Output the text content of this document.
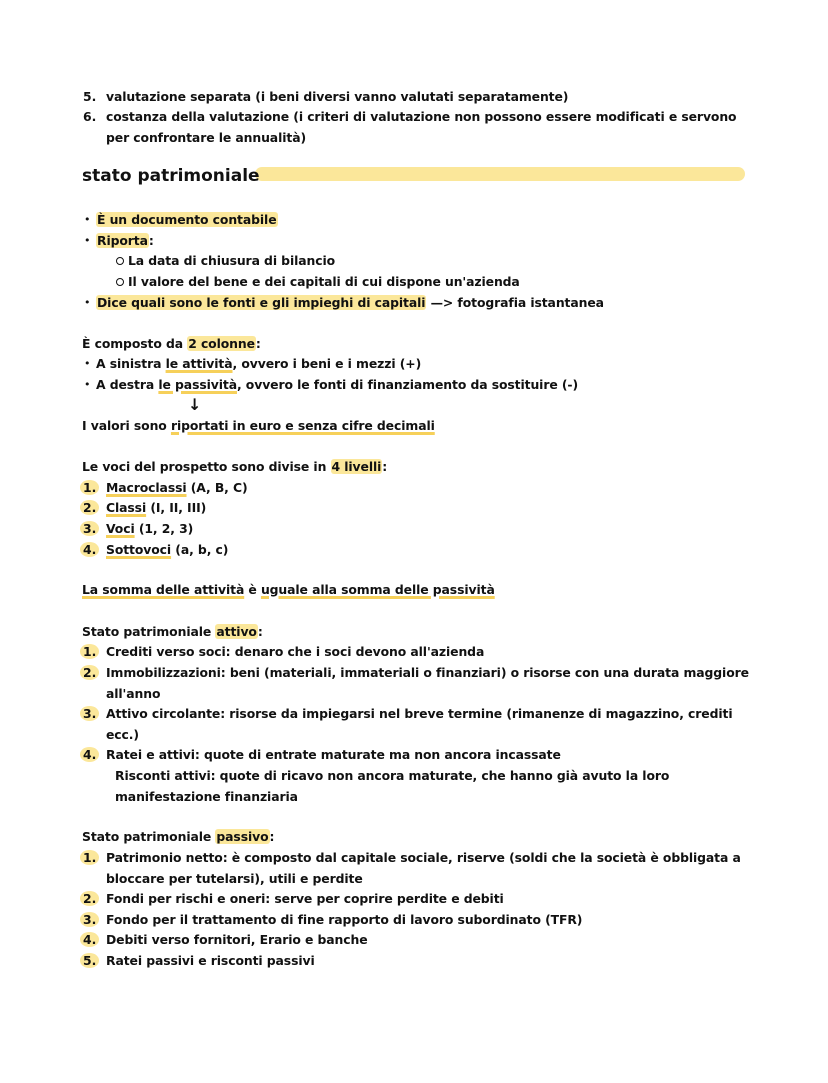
5. valutazione separata (i beni diversi vanno valutati separatamente)
6. costanza della valutazione (i criteri di valutazione non possono essere modificati e servono
per confrontare le annualità)
stato patrimoniale
• È un documento contabile
• Riporta:
La data di chiusura di bilancio
Il valore del bene e dei capitali di cui dispone un'azienda
• Dice quali sono le fonti e gli impieghi di capitali —> fotografia istantanea
È composto da 2 colonne:
• A sinistra le attività, ovvero i beni e i mezzi (+)
• A destra le passività, ovvero le fonti di finanziamento da sostituire (-)
↓
I valori sono riportati in euro e senza cifre decimali
Le voci del prospetto sono divise in 4 livelli:
1. Macroclassi (A, B, C)
2. Classi (I, II, III)
3. Voci (1, 2, 3)
4. Sottovoci (a, b, c)
La somma delle attività è uguale alla somma delle passività
Stato patrimoniale attivo:
1. Crediti verso soci: denaro che i soci devono all'azienda
2. Immobilizzazioni: beni (materiali, immateriali o finanziari) o risorse con una durata maggiore
all'anno
3. Attivo circolante: risorse da impiegarsi nel breve termine (rimanenze di magazzino, crediti
ecc.)
4. Ratei e attivi: quote di entrate maturate ma non ancora incassate
Risconti attivi: quote di ricavo non ancora maturate, che hanno già avuto la loro
manifestazione finanziaria
Stato patrimoniale passivo:
1. Patrimonio netto: è composto dal capitale sociale, riserve (soldi che la società è obbligata a
bloccare per tutelarsi), utili e perdite
2. Fondi per rischi e oneri: serve per coprire perdite e debiti
3. Fondo per il trattamento di fine rapporto di lavoro subordinato (TFR)
4. Debiti verso fornitori, Erario e banche
5. Ratei passivi e risconti passivi
